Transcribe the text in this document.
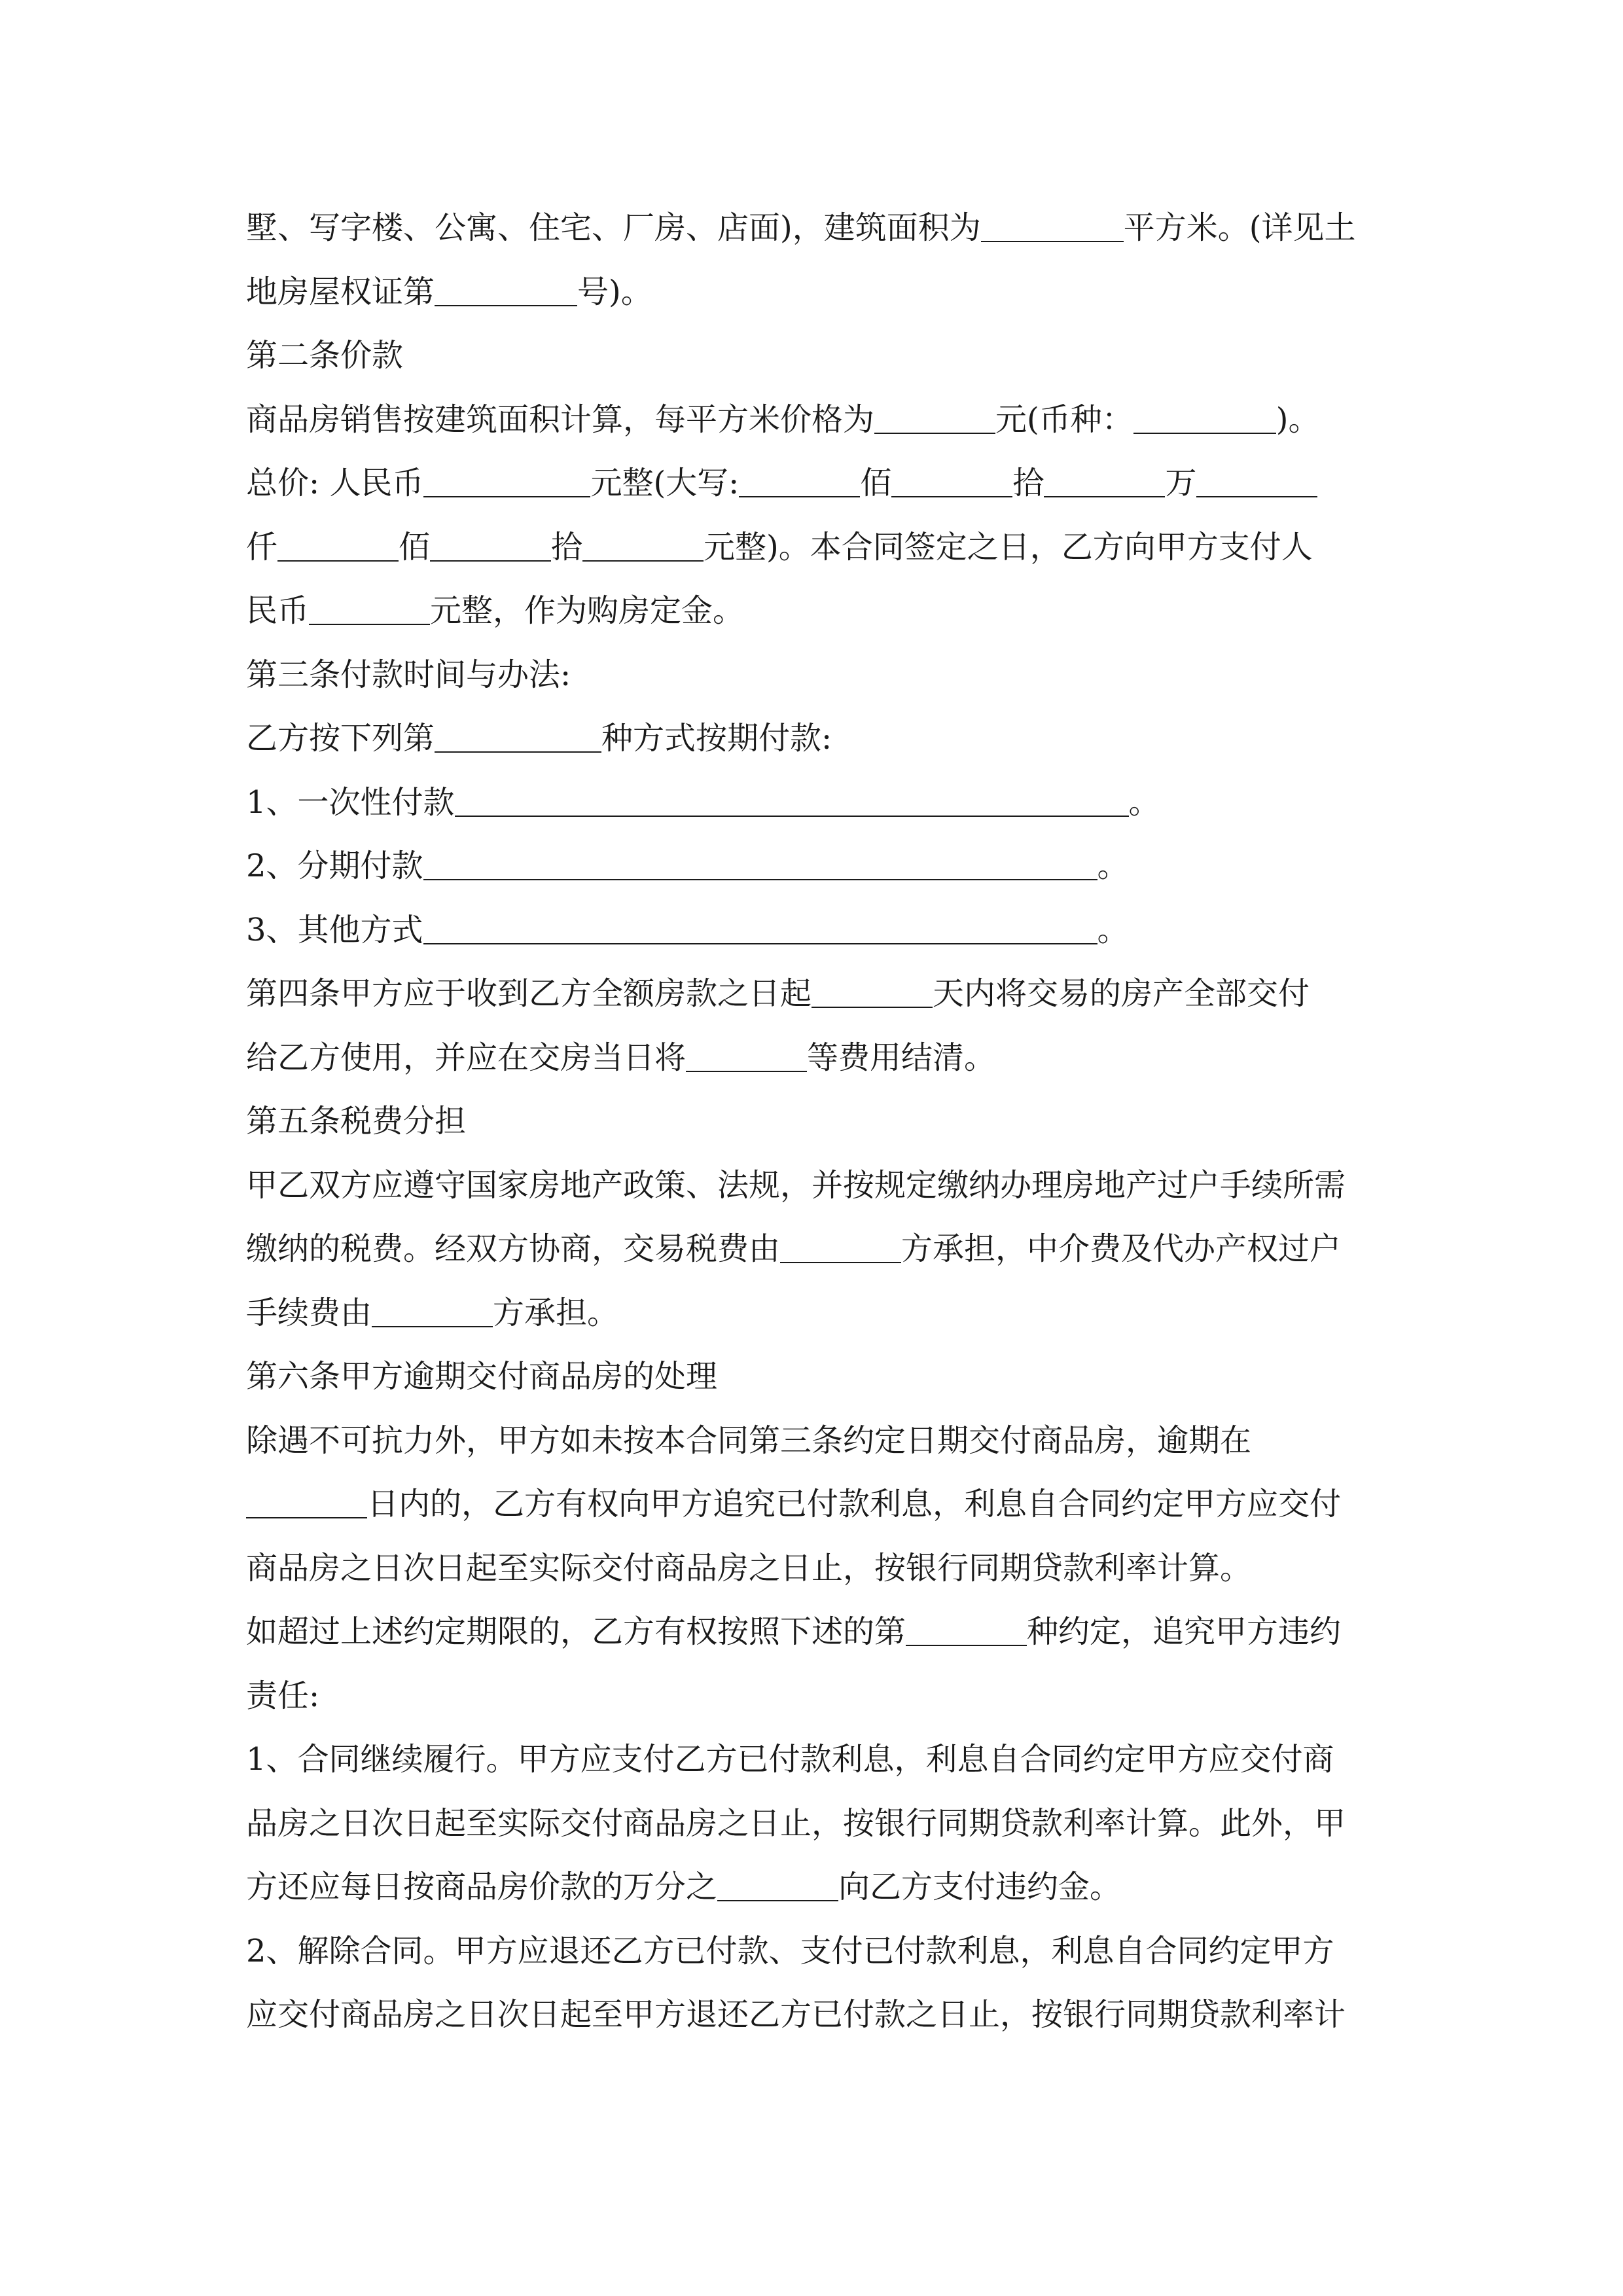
墅、写字楼、公寓、住宅、厂房、店面)，建筑面积为	平方米。(详见土
地房屋权证第	号)。
第二条价款
商品房销售按建筑面积计算，每平方米价格为	元(币种：	)。
总价: 人民币	元整(大写:	佰	拾	万
仟	佰	拾	元整)。本合同签定之日，乙方向甲方支付人
民币	元整，作为购房定金。
第三条付款时间与办法:
乙方按下列第	种方式按期付款:
1、一次性付款	。
2、分期付款	。
3、其他方式	。
第四条甲方应于收到乙方全额房款之日起	天内将交易的房产全部交付
给乙方使用，并应在交房当日将	等费用结清。
第五条税费分担
甲乙双方应遵守国家房地产政策、法规，并按规定缴纳办理房地产过户手续所需
缴纳的税费。经双方协商，交易税费由	方承担，中介费及代办产权过户
手续费由	方承担。
第六条甲方逾期交付商品房的处理
除遇不可抗力外，甲方如未按本合同第三条约定日期交付商品房，逾期在
日内的，乙方有权向甲方追究已付款利息，利息自合同约定甲方应交付
商品房之日次日起至实际交付商品房之日止，按银行同期贷款利率计算。
如超过上述约定期限的，乙方有权按照下述的第	种约定，追究甲方违约
责任:
1、合同继续履行。甲方应支付乙方已付款利息，利息自合同约定甲方应交付商
品房之日次日起至实际交付商品房之日止，按银行同期贷款利率计算。此外，甲
方还应每日按商品房价款的万分之	向乙方支付违约金。
2、解除合同。甲方应退还乙方已付款、支付已付款利息，利息自合同约定甲方
应交付商品房之日次日起至甲方退还乙方已付款之日止，按银行同期贷款利率计
